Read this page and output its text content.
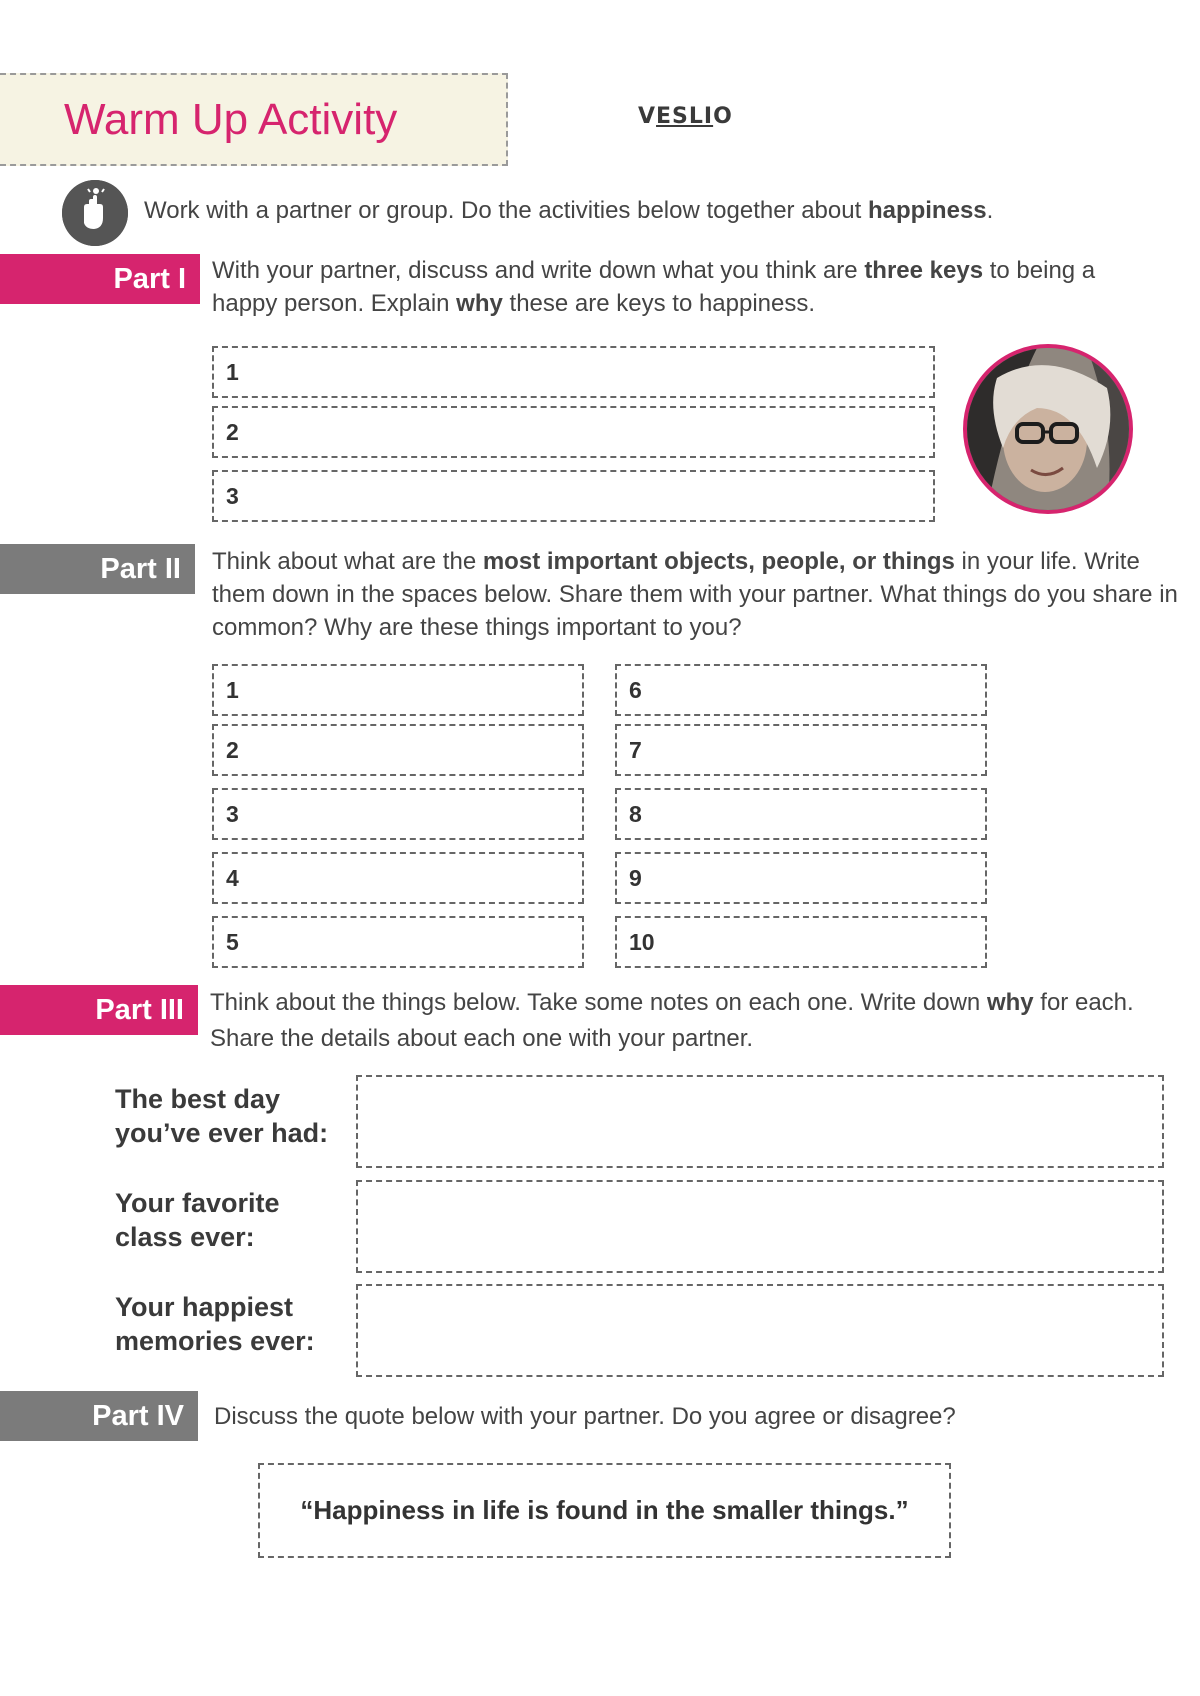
Warm Up Activity	VESLIO
Work with a partner or group. Do the activities below together about happiness.
Part I	With your partner, discuss and write down what you think are three keys to being a happy person. Explain why these are keys to happiness.
1
2
3
Part II	Think about what are the most important objects, people, or things in your life. Write them down in the spaces below. Share them with your partner. What things do you share in common? Why are these things important to you?
1
2
3
4
5
6
7
8
9
10
Part III	Think about the things below. Take some notes on each one. Write down why for each. Share the details about each one with your partner.
The best day
you’ve ever had:
Your favorite
class ever:
Your happiest
memories ever:
Part IV	Discuss the quote below with your partner. Do you agree or disagree?
“Happiness in life is found in the smaller things.”
